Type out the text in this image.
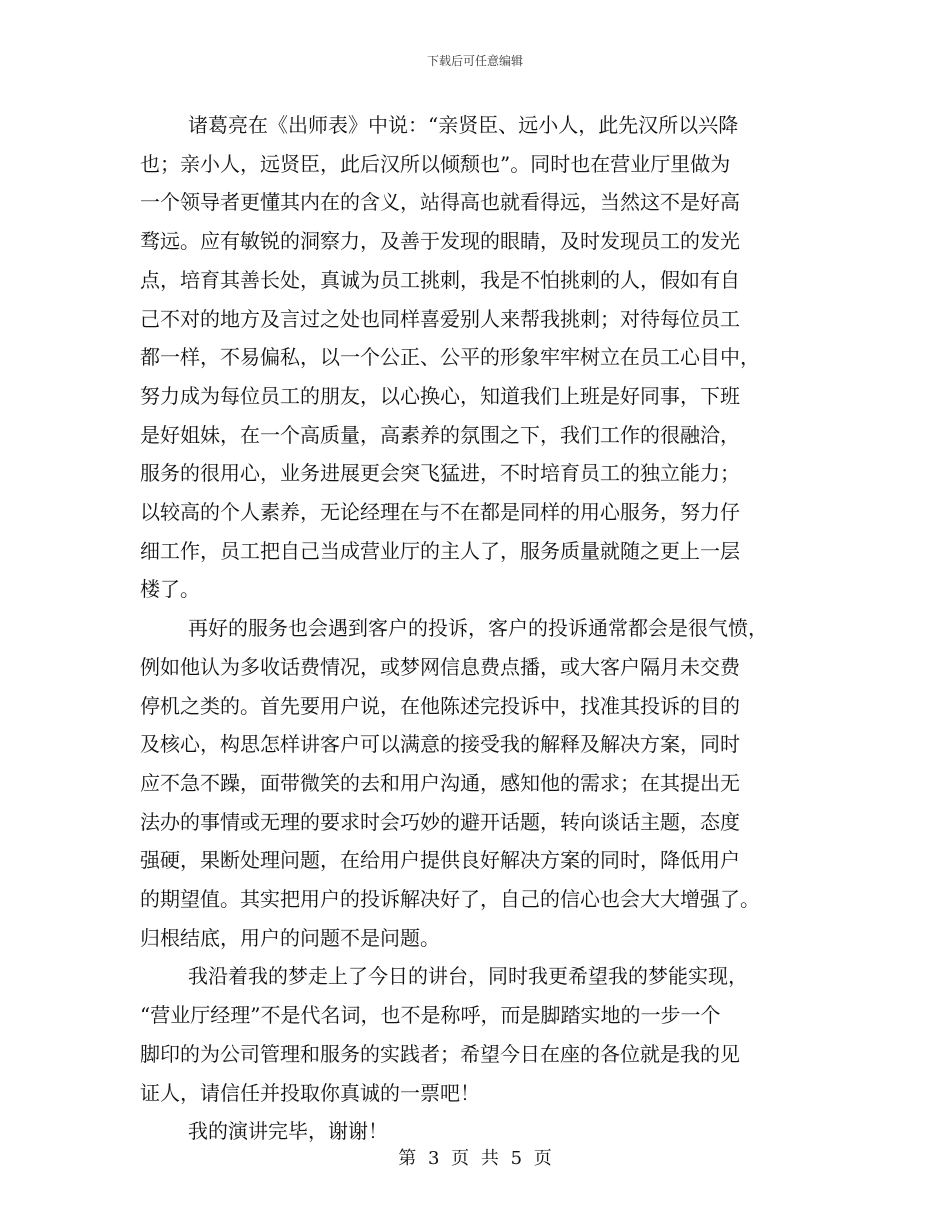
下载后可任意编辑
诸葛亮在《出师表》中说：“亲贤臣、远小人，此先汉所以兴降
也；亲小人，远贤臣，此后汉所以倾颓也”。同时也在营业厅里做为
一个领导者更懂其内在的含义，站得高也就看得远，当然这不是好高
骛远。应有敏锐的洞察力，及善于发现的眼睛，及时发现员工的发光
点，培育其善长处，真诚为员工挑刺，我是不怕挑刺的人，假如有自
己不对的地方及言过之处也同样喜爱别人来帮我挑刺；对待每位员工
都一样，不易偏私，以一个公正、公平的形象牢牢树立在员工心目中，
努力成为每位员工的朋友，以心换心，知道我们上班是好同事，下班
是好姐妹，在一个高质量，高素养的氛围之下，我们工作的很融洽，
服务的很用心，业务进展更会突飞猛进，不时培育员工的独立能力；
以较高的个人素养，无论经理在与不在都是同样的用心服务，努力仔
细工作，员工把自己当成营业厅的主人了，服务质量就随之更上一层
楼了。
再好的服务也会遇到客户的投诉，客户的投诉通常都会是很气愤，
例如他认为多收话费情况，或梦网信息费点播，或大客户隔月未交费
停机之类的。首先要用户说，在他陈述完投诉中，找准其投诉的目的
及核心，构思怎样讲客户可以满意的接受我的解释及解决方案，同时
应不急不躁，面带微笑的去和用户沟通，感知他的需求；在其提出无
法办的事情或无理的要求时会巧妙的避开话题，转向谈话主题，态度
强硬，果断处理问题，在给用户提供良好解决方案的同时，降低用户
的期望值。其实把用户的投诉解决好了，自己的信心也会大大增强了。
归根结底，用户的问题不是问题。
我沿着我的梦走上了今日的讲台，同时我更希望我的梦能实现，
“营业厅经理”不是代名词，也不是称呼，而是脚踏实地的一步一个
脚印的为公司管理和服务的实践者；希望今日在座的各位就是我的见
证人，请信任并投取你真诚的一票吧！
我的演讲完毕，谢谢！
第 3 页 共 5 页
